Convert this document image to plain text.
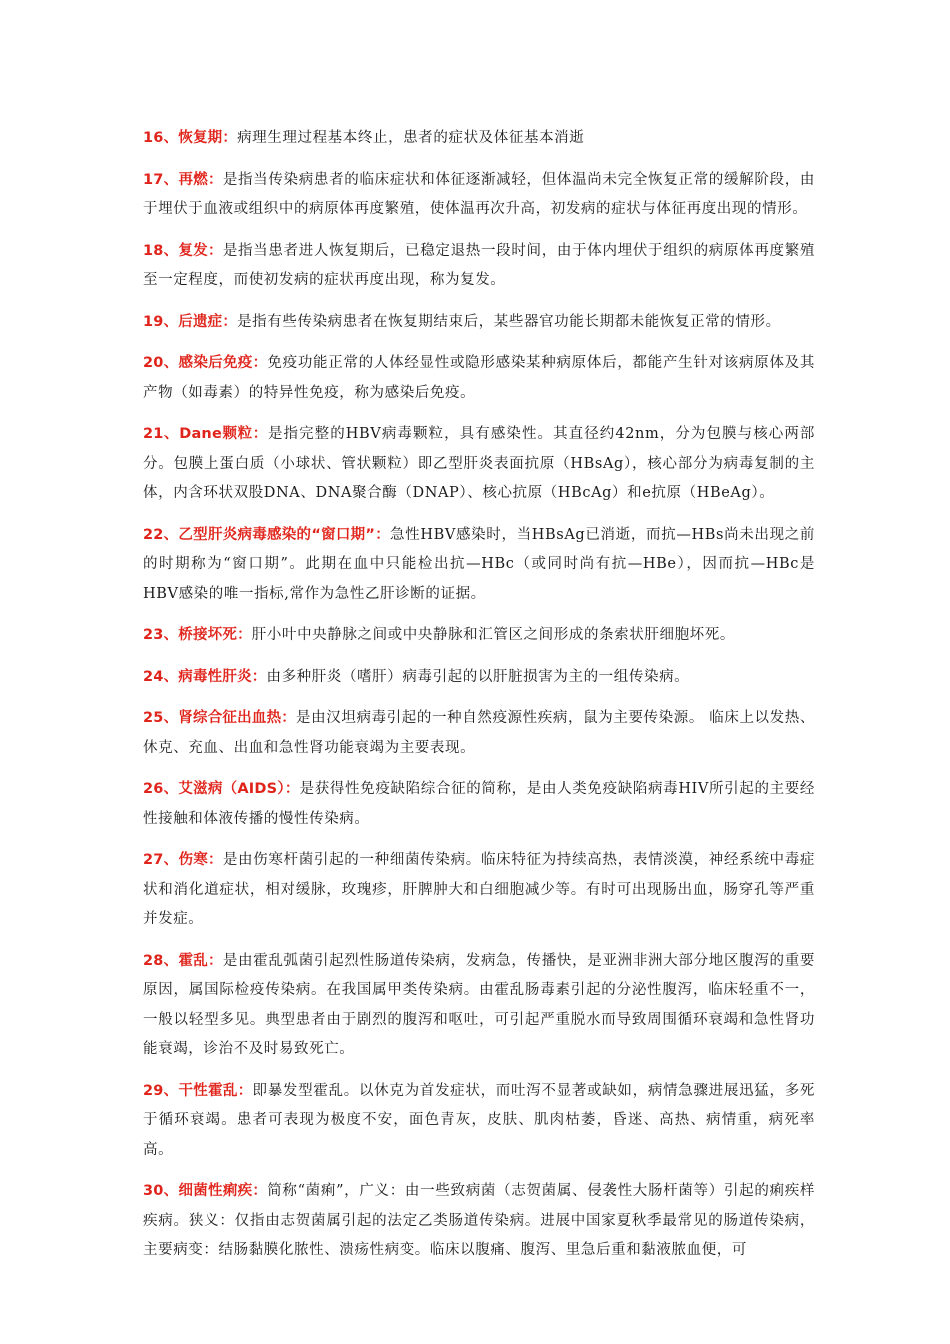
16、恢复期：病理生理过程基本终止，患者的症状及体征基本消逝

17、再燃：是指当传染病患者的临床症状和体征逐渐减轻，但体温尚未完全恢复正常的缓解阶段，由于埋伏于血液或组织中的病原体再度繁殖，使体温再次升高，初发病的症状与体征再度出现的情形。

18、复发：是指当患者进人恢复期后，已稳定退热一段时间，由于体内埋伏于组织的病原体再度繁殖至一定程度，而使初发病的症状再度出现，称为复发。

19、后遗症：是指有些传染病患者在恢复期结束后，某些器官功能长期都未能恢复正常的情形。

20、感染后免疫：免疫功能正常的人体经显性或隐形感染某种病原体后，都能产生针对该病原体及其产物（如毒素）的特异性免疫，称为感染后免疫。

21、Dane颗粒：是指完整的HBV病毒颗粒，具有感染性。其直径约42nm，分为包膜与核心两部分。包膜上蛋白质（小球状、管状颗粒）即乙型肝炎表面抗原（HBsAg），核心部分为病毒复制的主体，内含环状双股DNA、DNA聚合酶（DNAP）、核心抗原（HBcAg）和e抗原（HBeAg）。

22、乙型肝炎病毒感染的“窗口期”：急性HBV感染时，当HBsAg已消逝，而抗—HBs尚未出现之前的时期称为“窗口期”。此期在血中只能检出抗—HBc（或同时尚有抗—HBe），因而抗—HBc是HBV感染的唯一指标,常作为急性乙肝诊断的证据。

23、桥接坏死：肝小叶中央静脉之间或中央静脉和汇管区之间形成的条索状肝细胞坏死。

24、病毒性肝炎：由多种肝炎（嗜肝）病毒引起的以肝脏损害为主的一组传染病。

25、肾综合征出血热：是由汉坦病毒引起的一种自然疫源性疾病，鼠为主要传染源。 临床上以发热、休克、充血、出血和急性肾功能衰竭为主要表现。

26、艾滋病（AIDS）：是获得性免疫缺陷综合征的简称，是由人类免疫缺陷病毒HIV所引起的主要经性接触和体液传播的慢性传染病。

27、伤寒：是由伤寒杆菌引起的一种细菌传染病。临床特征为持续高热，表情淡漠，神经系统中毒症状和消化道症状，相对缓脉，玫瑰疹，肝脾肿大和白细胞减少等。有时可出现肠出血，肠穿孔等严重并发症。

28、霍乱：是由霍乱弧菌引起烈性肠道传染病，发病急，传播快，是亚洲非洲大部分地区腹泻的重要原因，属国际检疫传染病。在我国属甲类传染病。由霍乱肠毒素引起的分泌性腹泻，临床轻重不一，一般以轻型多见。典型患者由于剧烈的腹泻和呕吐，可引起严重脱水而导致周围循环衰竭和急性肾功能衰竭，诊治不及时易致死亡。

29、干性霍乱：即暴发型霍乱。以休克为首发症状，而吐泻不显著或缺如，病情急骤进展迅猛，多死于循环衰竭。患者可表现为极度不安，面色青灰，皮肤、肌肉枯萎，昏迷、高热、病情重，病死率高。

30、细菌性痢疾：简称“菌痢”，广义：由一些致病菌（志贺菌属、侵袭性大肠杆菌等）引起的痢疾样疾病。狭义：仅指由志贺菌属引起的法定乙类肠道传染病。进展中国家夏秋季最常见的肠道传染病，主要病变：结肠黏膜化脓性、溃疡性病变。临床以腹痛、腹泻、里急后重和黏液脓血便，可
